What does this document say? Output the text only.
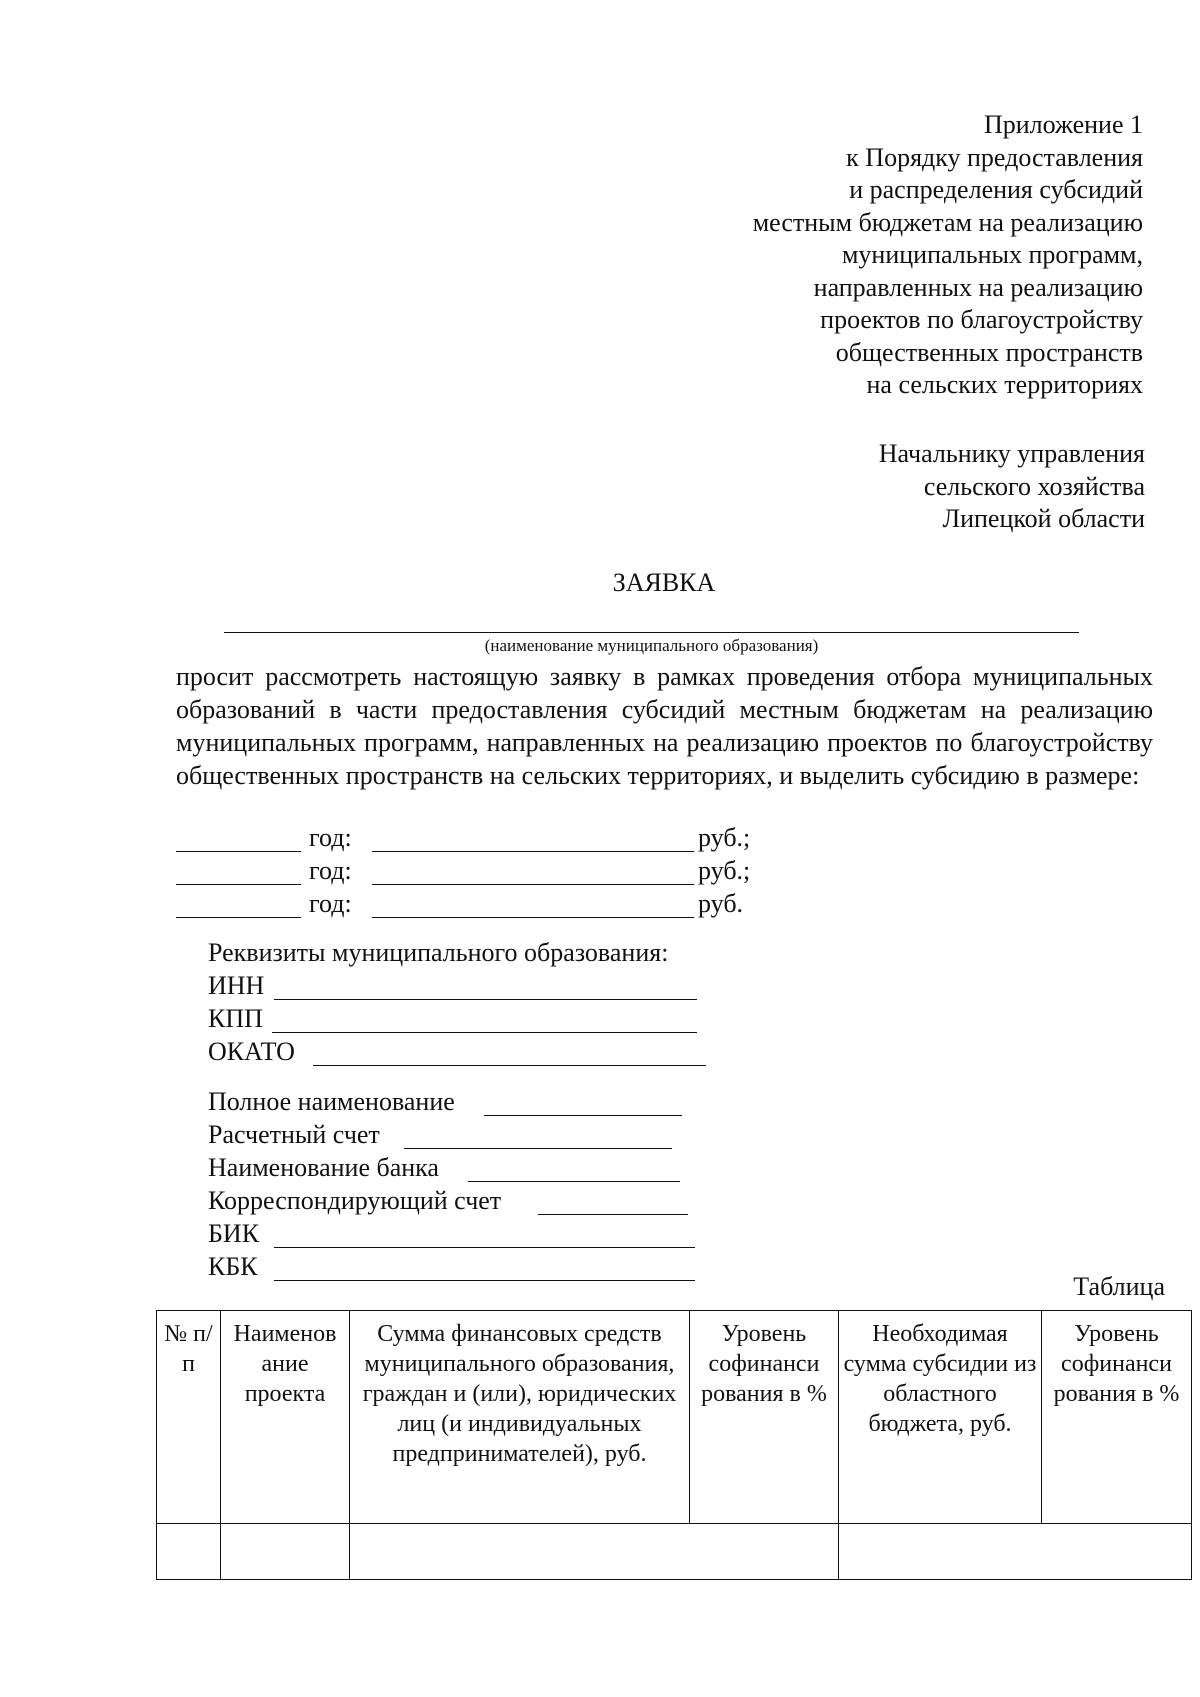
Приложение 1
к Порядку предоставления
и распределения субсидий
местным бюджетам на реализацию
муниципальных программ,
направленных на реализацию
проектов по благоустройству
общественных пространств
на сельских территориях
Начальнику управления
сельского хозяйства
Липецкой области
ЗАЯВКА
(наименование муниципального образования)
просит рассмотреть настоящую заявку в рамках проведения отбора муниципальных образований в части предоставления субсидий местным бюджетам на реализацию муниципальных программ, направленных на реализацию проектов по благоустройству общественных пространств на сельских территориях, и выделить субсидию в размере:
год:	руб.;
год:	руб.;
год:	руб.
Реквизиты муниципального образования:
ИНН
КПП
ОКАТО
Полное наименование
Расчетный счет
Наименование банка
Корреспондирующий счет
БИК
КБК
Таблица
№ п/п	Наименов ание проекта	Сумма финансовых средств муниципального образования, граждан и (или), юридических лиц (и индивидуальных предпринимателей), руб.	Уровень софинанси рования в %	Необходимая сумма субсидии из областного бюджета, руб.	Уровень софинанси рования в %
